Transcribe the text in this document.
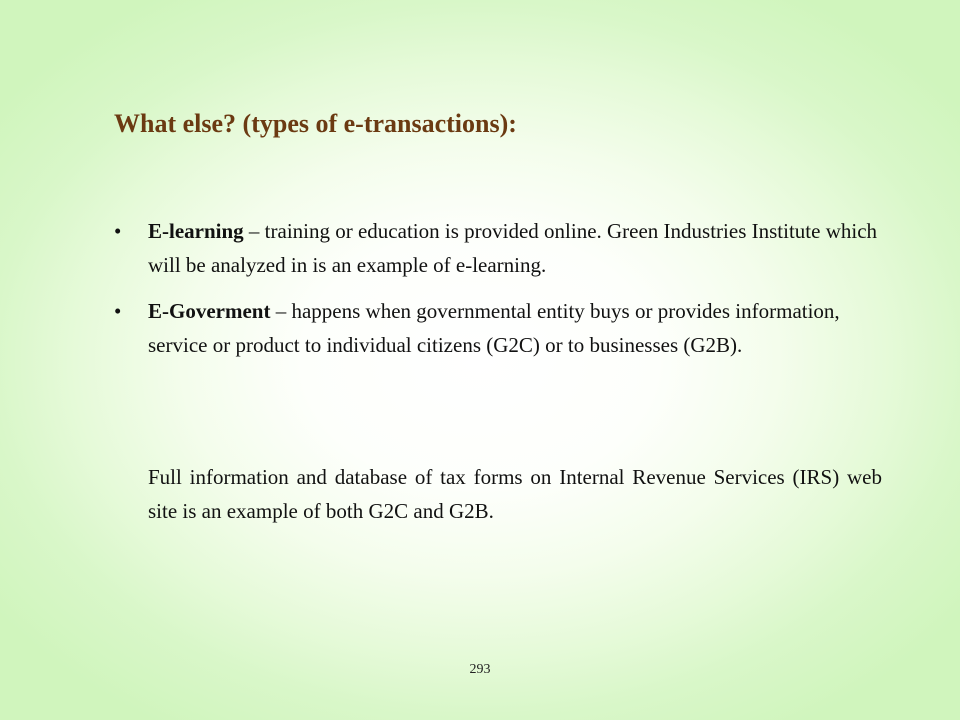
What else? (types of e-transactions):
• E-learning – training or education is provided online. Green Industries Institute which will be analyzed in is an example of e-learning.
• E-Goverment – happens when governmental entity buys or provides information, service or product to individual citizens (G2C) or to businesses (G2B).

Full information and database of tax forms on Internal Revenue Services (IRS) web site is an example of both G2C and G2B.

293
